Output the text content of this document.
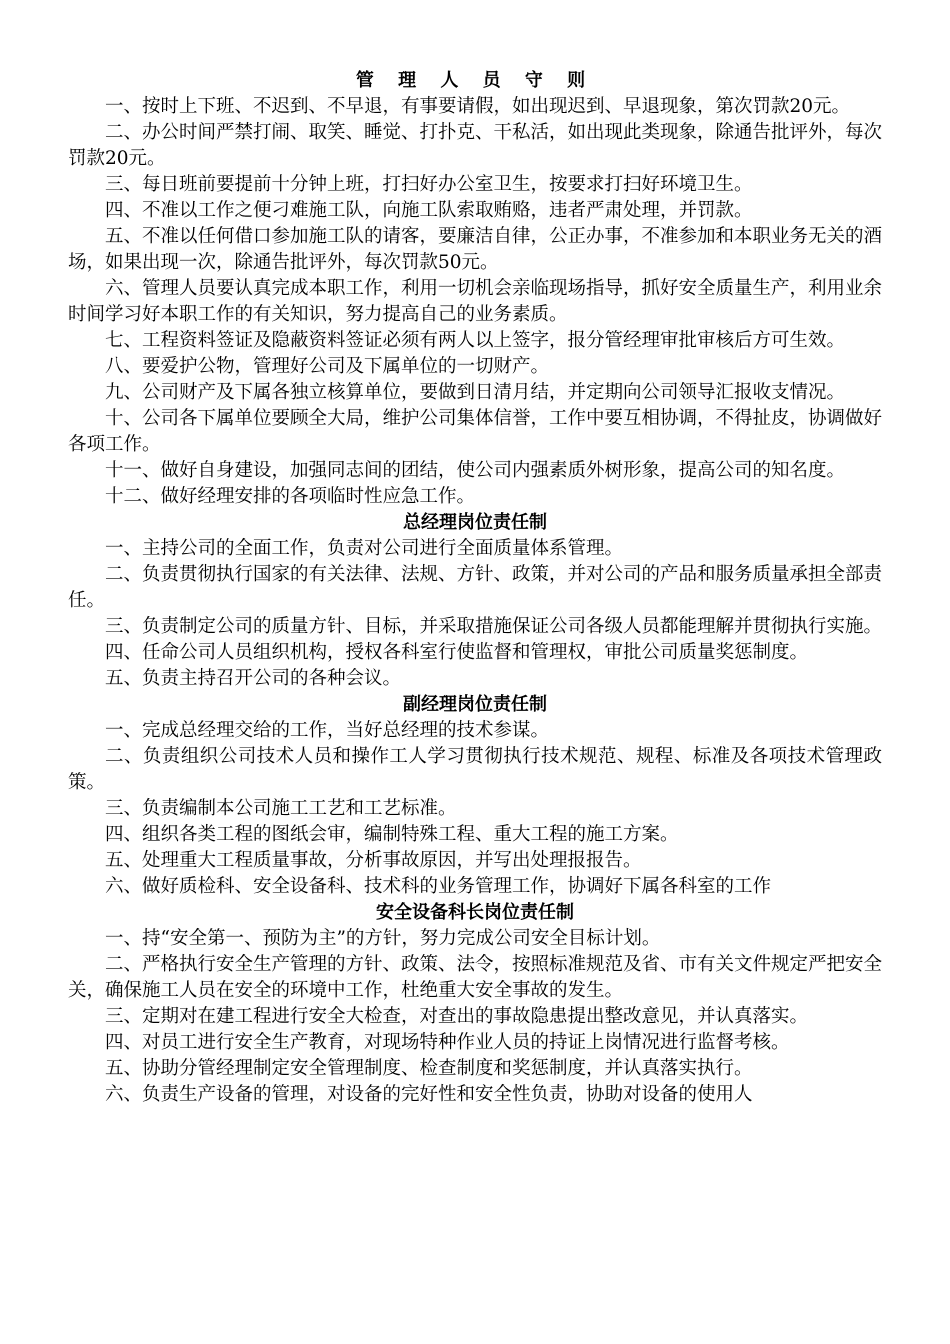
管 理 人 员 守 则

一、按时上下班、不迟到、不早退，有事要请假，如出现迟到、早退现象，第次罚款20元。

二、办公时间严禁打闹、取笑、睡觉、打扑克、干私活，如出现此类现象，除通告批评外，每次罚款20元。

三、每日班前要提前十分钟上班，打扫好办公室卫生，按要求打扫好环境卫生。

四、不准以工作之便刁难施工队，向施工队索取贿赂，违者严肃处理，并罚款。

五、不准以任何借口参加施工队的请客，要廉洁自律，公正办事，不准参加和本职业务无关的酒场，如果出现一次，除通告批评外，每次罚款50元。

六、管理人员要认真完成本职工作，利用一切机会亲临现场指导，抓好安全质量生产，利用业余时间学习好本职工作的有关知识，努力提高自己的业务素质。

七、工程资料签证及隐蔽资料签证必须有两人以上签字，报分管经理审批审核后方可生效。

八、要爱护公物，管理好公司及下属单位的一切财产。

九、公司财产及下属各独立核算单位，要做到日清月结，并定期向公司领导汇报收支情况。

十、公司各下属单位要顾全大局，维护公司集体信誉，工作中要互相协调，不得扯皮，协调做好各项工作。

十一、做好自身建设，加强同志间的团结，使公司内强素质外树形象，提高公司的知名度。

十二、做好经理安排的各项临时性应急工作。

总经理岗位责任制

一、主持公司的全面工作，负责对公司进行全面质量体系管理。

二、负责贯彻执行国家的有关法律、法规、方针、政策，并对公司的产品和服务质量承担全部责任。

三、负责制定公司的质量方针、目标，并采取措施保证公司各级人员都能理解并贯彻执行实施。

四、任命公司人员组织机构，授权各科室行使监督和管理权，审批公司质量奖惩制度。

五、负责主持召开公司的各种会议。

副经理岗位责任制

一、完成总经理交给的工作，当好总经理的技术参谋。

二、负责组织公司技术人员和操作工人学习贯彻执行技术规范、规程、标准及各项技术管理政策。

三、负责编制本公司施工工艺和工艺标准。

四、组织各类工程的图纸会审，编制特殊工程、重大工程的施工方案。

五、处理重大工程质量事故，分析事故原因，并写出处理报报告。

六、做好质检科、安全设备科、技术科的业务管理工作，协调好下属各科室的工作

安全设备科长岗位责任制

一、持“安全第一、预防为主”的方针，努力完成公司安全目标计划。

二、严格执行安全生产管理的方针、政策、法令，按照标准规范及省、市有关文件规定严把安全关，确保施工人员在安全的环境中工作，杜绝重大安全事故的发生。

三、定期对在建工程进行安全大检查，对查出的事故隐患提出整改意见，并认真落实。

四、对员工进行安全生产教育，对现场特种作业人员的持证上岗情况进行监督考核。

五、协助分管经理制定安全管理制度、检查制度和奖惩制度，并认真落实执行。

六、负责生产设备的管理，对设备的完好性和安全性负责，协助对设备的使用人
